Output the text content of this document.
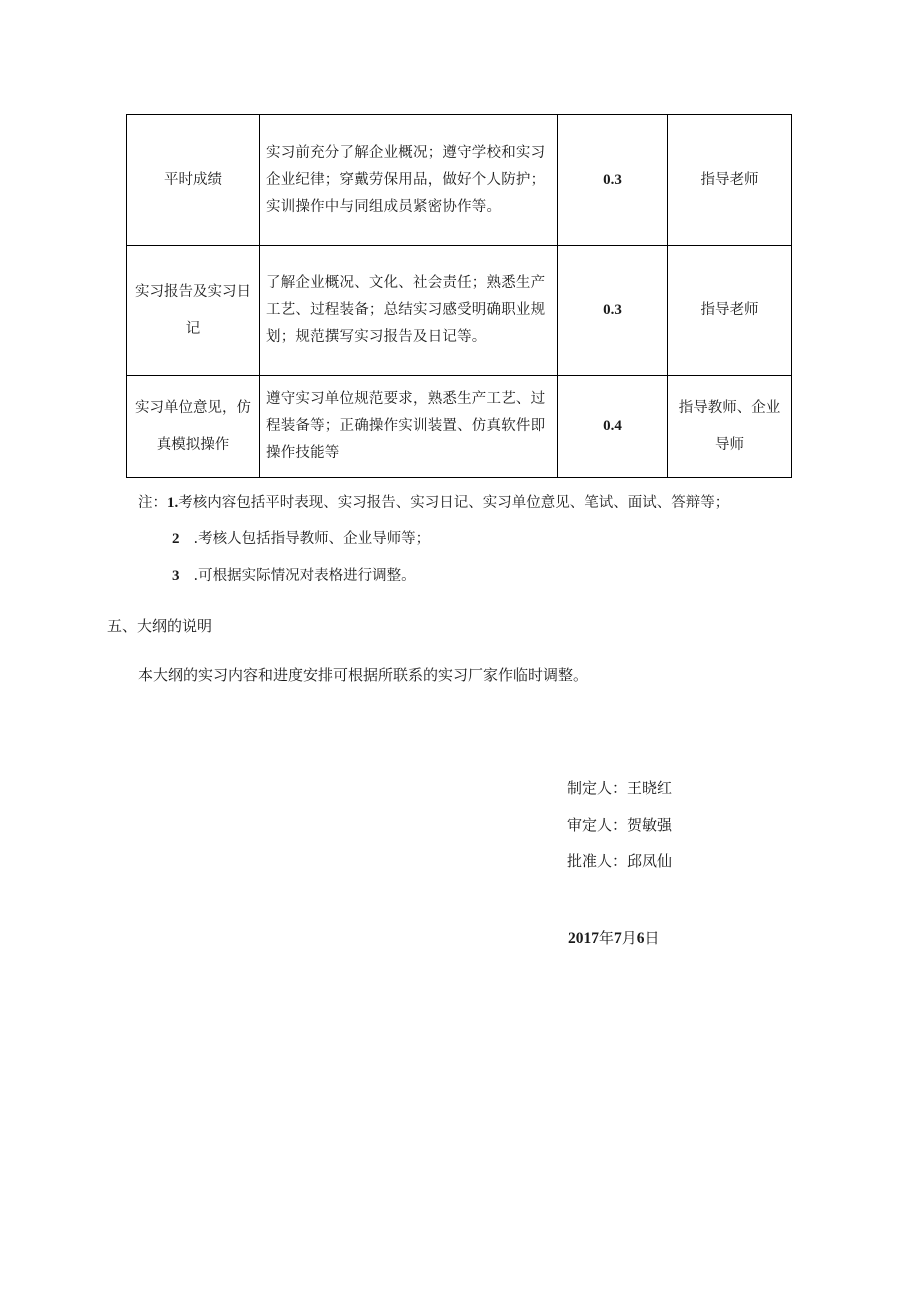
平时成绩	实习前充分了解企业概况；遵守学校和实习企业纪律；穿戴劳保用品，做好个人防护；实训操作中与同组成员紧密协作等。	0.3	指导老师
实习报告及实习日记	了解企业概况、文化、社会责任；熟悉生产工艺、过程装备；总结实习感受明确职业规划；规范撰写实习报告及日记等。	0.3	指导老师
实习单位意见，仿真模拟操作	遵守实习单位规范要求，熟悉生产工艺、过程装备等；正确操作实训装置、仿真软件即操作技能等	0.4	指导教师、企业导师
注：1.考核内容包括平时表现、实习报告、实习日记、实习单位意见、笔试、面试、答辩等；
2 .考核人包括指导教师、企业导师等；
3 .可根据实际情况对表格进行调整。
五、大纲的说明
本大纲的实习内容和进度安排可根据所联系的实习厂家作临时调整。
制定人：王晓红
审定人：贺敏强
批准人：邱凤仙
2017年7月6日
